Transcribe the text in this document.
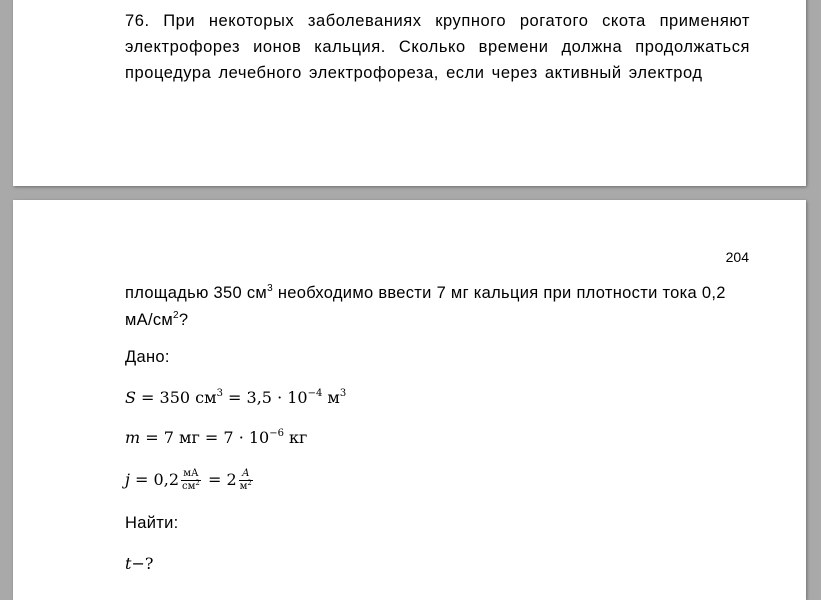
76. При некоторых заболеваниях крупного рогатого скота применяют
электрофорез ионов кальция. Сколько времени должна продолжаться
процедура лечебного электрофореза, если через активный электрод
204
площадью 350 $см^3$ необходимо ввести 7 мг кальция при плотности тока 0,2
$мА/см^2$?
Дано:
S = 350 $см^3 = 3,5 \cdot 10^{-4}$ $м^3$
m = 7 мг = $7 \cdot 10^{-6}$ кг
$j = 0,2 \frac{мА}{см^2} = 2 \frac{А}{м^2}$
Найти:
t−?
